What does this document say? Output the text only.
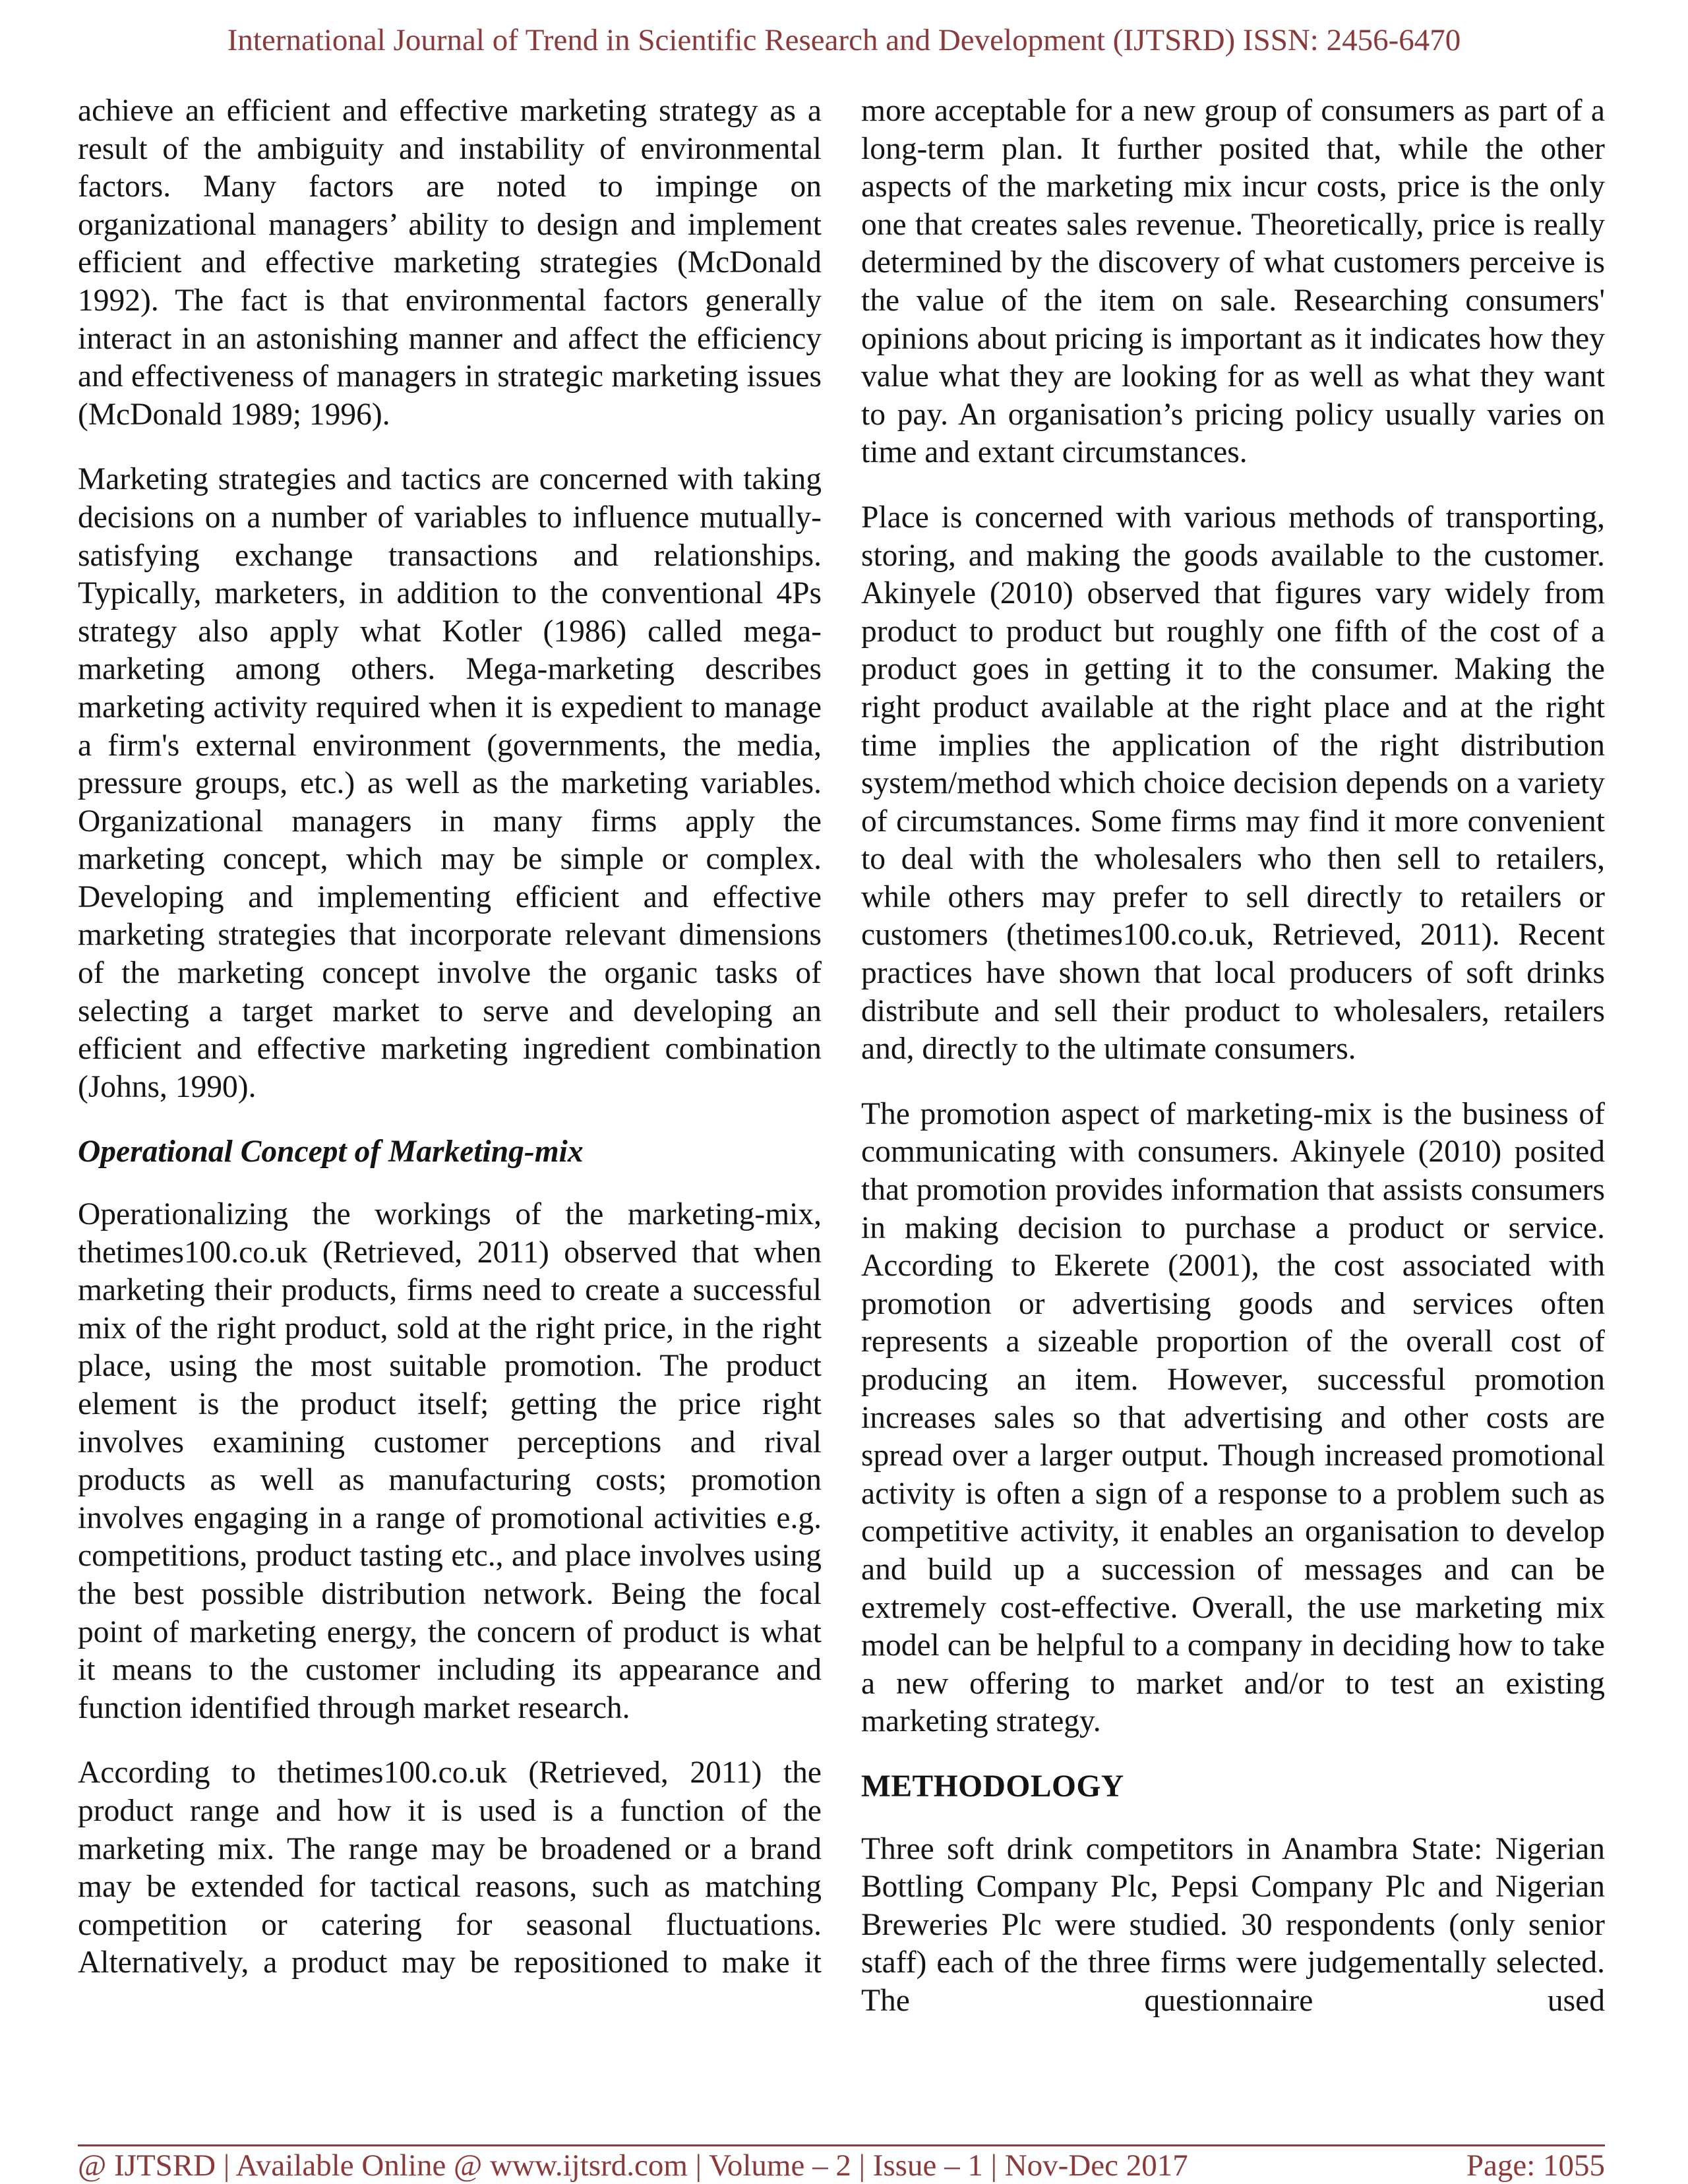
International Journal of Trend in Scientific Research and Development (IJTSRD) ISSN: 2456-6470

achieve an efficient and effective marketing strategy as a result of the ambiguity and instability of environmental factors. Many factors are noted to impinge on organizational managers’ ability to design and implement efficient and effective marketing strategies (McDonald 1992). The fact is that environmental factors generally interact in an astonishing manner and affect the efficiency and effectiveness of managers in strategic marketing issues (McDonald 1989; 1996).

Marketing strategies and tactics are concerned with taking decisions on a number of variables to influence mutually-satisfying exchange transactions and relationships. Typically, marketers, in addition to the conventional 4Ps strategy also apply what Kotler (1986) called mega-marketing among others. Mega-marketing describes marketing activity required when it is expedient to manage a firm's external environment (governments, the media, pressure groups, etc.) as well as the marketing variables. Organizational managers in many firms apply the marketing concept, which may be simple or complex. Developing and implementing efficient and effective marketing strategies that incorporate relevant dimensions of the marketing concept involve the organic tasks of selecting a target market to serve and developing an efficient and effective marketing ingredient combination (Johns, 1990).

Operational Concept of Marketing-mix

Operationalizing the workings of the marketing-mix, thetimes100.co.uk (Retrieved, 2011) observed that when marketing their products, firms need to create a successful mix of the right product, sold at the right price, in the right place, using the most suitable promotion. The product element is the product itself; getting the price right involves examining customer perceptions and rival products as well as manufacturing costs; promotion involves engaging in a range of promotional activities e.g. competitions, product tasting etc., and place involves using the best possible distribution network. Being the focal point of marketing energy, the concern of product is what it means to the customer including its appearance and function identified through market research.

According to thetimes100.co.uk (Retrieved, 2011) the product range and how it is used is a function of the marketing mix. The range may be broadened or a brand may be extended for tactical reasons, such as matching competition or catering for seasonal fluctuations. Alternatively, a product may be repositioned to make it

more acceptable for a new group of consumers as part of a long-term plan. It further posited that, while the other aspects of the marketing mix incur costs, price is the only one that creates sales revenue. Theoretically, price is really determined by the discovery of what customers perceive is the value of the item on sale. Researching consumers' opinions about pricing is important as it indicates how they value what they are looking for as well as what they want to pay. An organisation’s pricing policy usually varies on time and extant circumstances.

Place is concerned with various methods of transporting, storing, and making the goods available to the customer. Akinyele (2010) observed that figures vary widely from product to product but roughly one fifth of the cost of a product goes in getting it to the consumer. Making the right product available at the right place and at the right time implies the application of the right distribution system/method which choice decision depends on a variety of circumstances. Some firms may find it more convenient to deal with the wholesalers who then sell to retailers, while others may prefer to sell directly to retailers or customers (thetimes100.co.uk, Retrieved, 2011). Recent practices have shown that local producers of soft drinks distribute and sell their product to wholesalers, retailers and, directly to the ultimate consumers.

The promotion aspect of marketing-mix is the business of communicating with consumers. Akinyele (2010) posited that promotion provides information that assists consumers in making decision to purchase a product or service. According to Ekerete (2001), the cost associated with promotion or advertising goods and services often represents a sizeable proportion of the overall cost of producing an item. However, successful promotion increases sales so that advertising and other costs are spread over a larger output. Though increased promotional activity is often a sign of a response to a problem such as competitive activity, it enables an organisation to develop and build up a succession of messages and can be extremely cost-effective. Overall, the use marketing mix model can be helpful to a company in deciding how to take a new offering to market and/or to test an existing marketing strategy.

METHODOLOGY

Three soft drink competitors in Anambra State: Nigerian Bottling Company Plc, Pepsi Company Plc and Nigerian Breweries Plc were studied. 30 respondents (only senior staff) each of the three firms were judgementally selected. The questionnaire used

@ IJTSRD | Available Online @ www.ijtsrd.com | Volume – 2 | Issue – 1 | Nov-Dec 2017	Page: 1055
